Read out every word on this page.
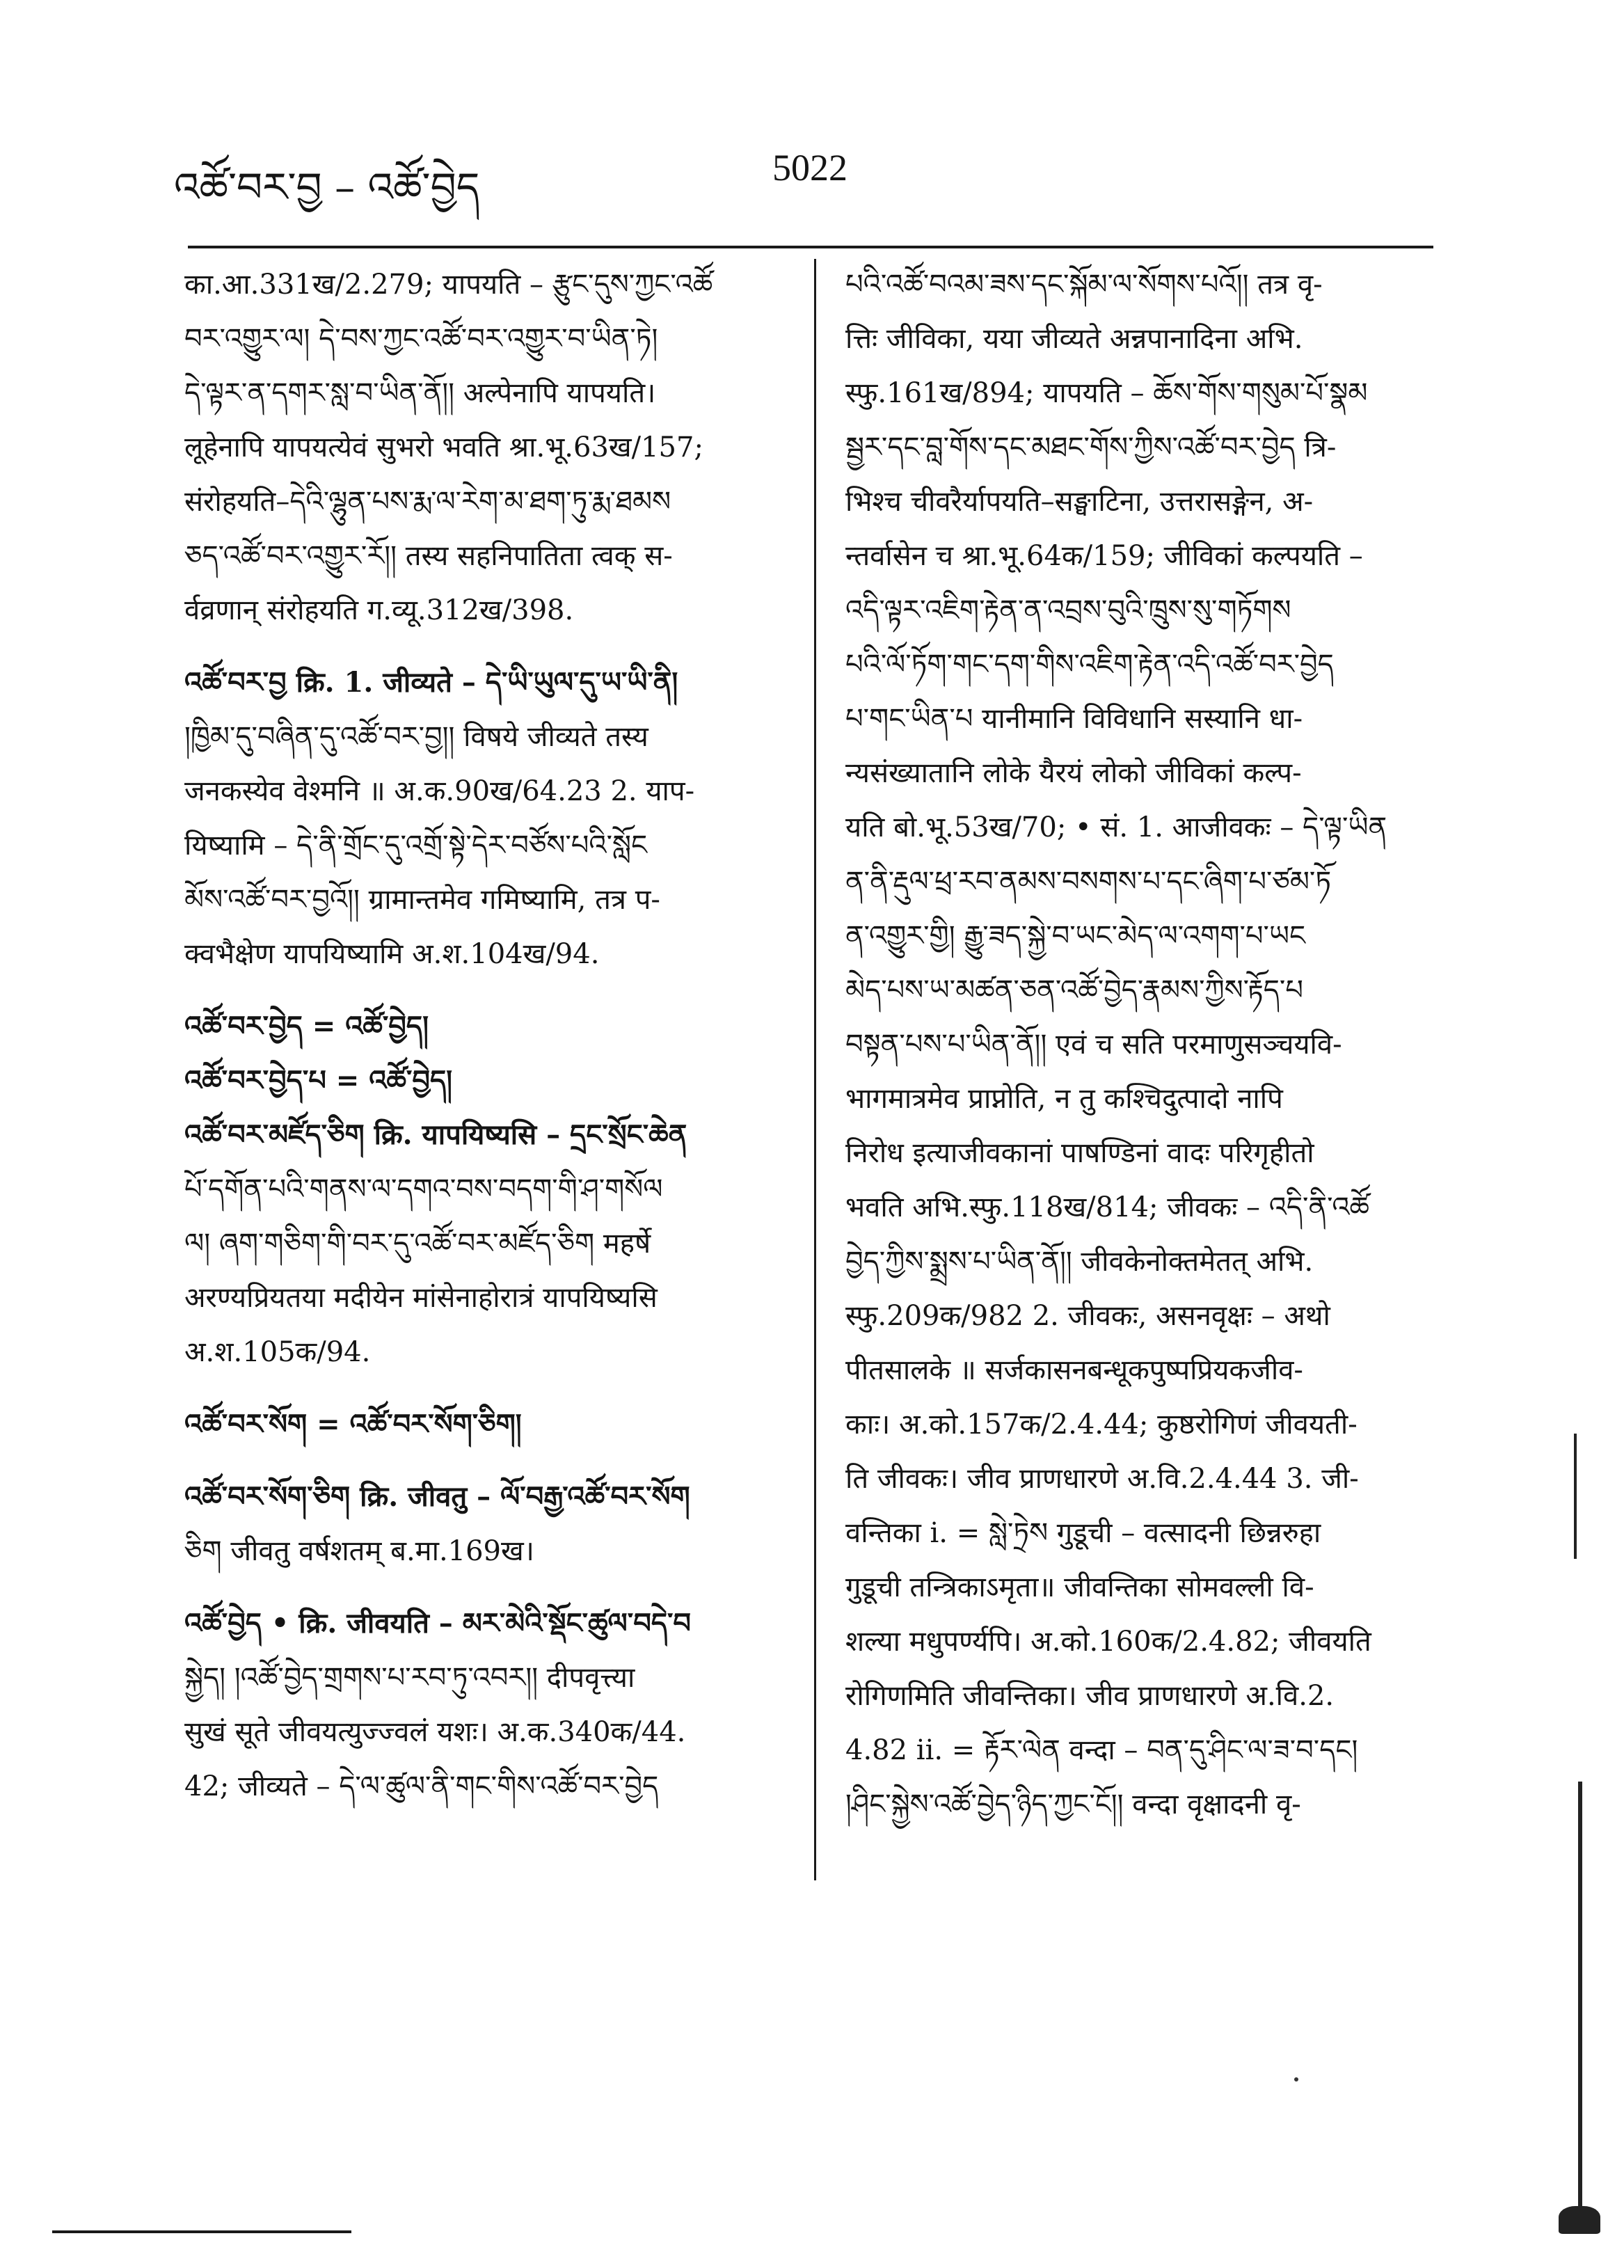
འཚོ་བར་བྱ – འཚོ་བྱེད	5022
का.आ.331ख/2.279; यापयति – རྩུང་དུས་ཀྱང་འཚོ
བར་འགྱུར་ལ། དེ་བས་ཀྱང་འཚོ་བར་འགྱུར་བ་ཡིན་ཏེ།
དེ་ལྟར་ན་དགར་སླ་བ་ཡིན་ནོ།། अल्पेनापि यापयति।
लूहेनापि यापयत्येवं सुभरो भवति श्रा.भू.63ख/157;
संरोहयति–དེའི་ལྷུན་པས་རྨ་ལ་རེག་མ་ཐག་ཏུ་རྨ་ཐམས
ཅད་འཚོ་བར་འགྱུར་རོ།། तस्य सहनिपातिता त्वक् स-
र्वव्रणान् संरोहयति ग.व्यू.312ख/398.
འཚོ་བར་བྱ क्रि. 1. जीव्यते – དེ་ཡི་ཡུལ་དུ་ཡ་ཡི་ནི།
།ཁྱིམ་དུ་བཞིན་དུ་འཚོ་བར་བྱ།། विषये जीव्यते तस्य
जनकस्येव वेश्मनि ॥ अ.क.90ख/64.23 2. याप-
यिष्यामि – དེ་ནི་གྲོང་དུ་འགྲོ་སྟེ་དེར་བཙོས་པའི་སློང
མོས་འཚོ་བར་བྱའོ།། ग्रामान्तमेव गमिष्यामि, तत्र प-
क्वभैक्षेण यापयिष्यामि अ.श.104ख/94.
འཚོ་བར་བྱེད = འཚོ་བྱེད།
འཚོ་བར་བྱེད་པ = འཚོ་བྱེད།
འཚོ་བར་མཛོད་ཅིག क्रि. यापयिष्यसि – དྲང་སྲོང་ཆེན
པོ་དགོན་པའི་གནས་ལ་དགའ་བས་བདག་གི་ཤ་གསོལ
ལ། ཞག་གཅིག་གི་བར་དུ་འཚོ་བར་མཛོད་ཅིག महर्षे
अरण्यप्रियतया मदीयेन मांसेनाहोरात्रं यापयिष्यसि
अ.श.105क/94.
འཚོ་བར་སོག = འཚོ་བར་སོག་ཅིག།
འཚོ་བར་སོག་ཅིག क्रि. जीवतु – ལོ་བརྒྱ་འཚོ་བར་སོག
ཅིག जीवतु वर्षशतम् ब.मा.169ख।
འཚོ་བྱེད • क्रि. जीवयति – མར་མེའི་སྡོང་ཚུལ་བདེ་བ
སྐྱེད། །འཚོ་བྱེད་གྲགས་པ་རབ་ཏུ་འབར།། दीपवृत्त्या
सुखं सूते जीवयत्युज्ज्वलं यशः। अ.क.340क/44.
42; जीव्यते – དེ་ལ་ཚུལ་ནི་གང་གིས་འཚོ་བར་བྱེད
པའི་འཚོ་བའམ་ཟས་དང་སྐོམ་ལ་སོགས་པའོ།། तत्र वृ-
त्तिः जीविका, यया जीव्यते अन्नपानादिना अभि.
स्फु.161ख/894; यापयति – ཆོས་གོས་གསུམ་པོ་སྣམ
སྦྱར་དང་བླ་གོས་དང་མཐང་གོས་ཀྱིས་འཚོ་བར་བྱེད त्रि-
भिश्च चीवरैर्यापयति–सङ्घाटिना, उत्तरासङ्गेन, अ-
न्तर्वासेन च श्रा.भू.64क/159; जीविकां कल्पयति –
འདི་ལྟར་འཇིག་རྟེན་ན་འབྲས་བུའི་ཁྲུས་སུ་གཏོགས
པའི་ལོ་ཏོག་གང་དག་གིས་འཇིག་རྟེན་འདི་འཚོ་བར་བྱེད
པ་གང་ཡིན་པ यानीमानि विविधानि सस्यानि धा-
न्यसंख्यातानि लोके यैरयं लोको जीविकां कल्प-
यति बो.भू.53ख/70; • सं. 1. आजीवकः – དེ་ལྟ་ཡིན
ན་ནི་རྡུལ་ཕྲ་རབ་ནམས་བསགས་པ་དང་ཞིག་པ་ཙམ་ཏོ
ན་འགྱུར་གྱི། རྒྱུ་ཟད་སྐྱེ་བ་ཡང་མེད་ལ་འགག་པ་ཡང
མེད་པས་ཡ་མཚན་ཅན་འཚོ་བྱེད་རྣམས་ཀྱིས་རྟོད་པ
བསྟན་པས་པ་ཡིན་ནོ།། एवं च सति परमाणुसञ्चयवि-
भागमात्रमेव प्राप्नोति, न तु कश्चिदुत्पादो नापि
निरोध इत्याजीवकानां पाषण्डिनां वादः परिगृहीतो
भवति अभि.स्फु.118ख/814; जीवकः – འདི་ནི་འཚོ
བྱེད་ཀྱིས་སྨྲས་པ་ཡིན་ནོ།། जीवकेनोक्तमेतत् अभि.
स्फु.209क/982 2. जीवकः, असनवृक्षः – अथो
पीतसालके ॥ सर्जकासनबन्धूकपुष्पप्रियकजीव-
काः। अ.को.157क/2.4.44; कुष्ठरोगिणं जीवयती-
ति जीवकः। जीव प्राणधारणे अ.वि.2.4.44 3. जी-
वन्तिका i. = སླེ་ཏྲེས गुडूची – वत्सादनी छिन्नरुहा
गुडूची तन्त्रिकाऽमृता॥ जीवन्तिका सोमवल्ली वि-
शल्या मधुपर्ण्यपि। अ.को.160क/2.4.82; जीवयति
रोगिणमिति जीवन्तिका। जीव प्राणधारणे अ.वि.2.
4.82 ii. = རྟོར་ལེན वन्दा – བན་དུ་ཤིང་ལ་ཟ་བ་དང།
།ཤིང་སྐྱེས་འཚོ་བྱེད་ཉིད་ཀྱང་ངོ།། वन्दा वृक्षादनी वृ-
